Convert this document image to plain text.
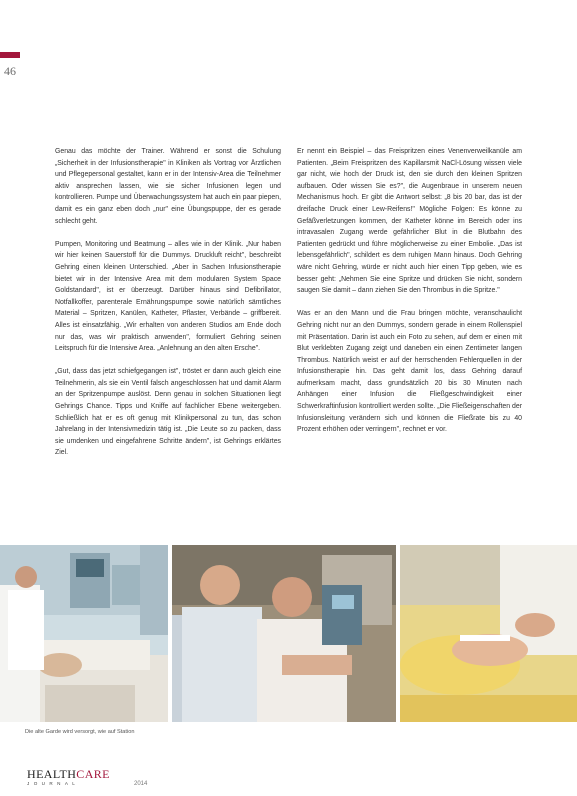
46

Genau das möchte der Trainer. Während er sonst die Schulung „Sicherheit in der Infusionstherapie" in Kliniken als Vortrag vor Ärztlichen und Pflegepersonal gestaltet, kann er in der Intensiv-Area die Teilnehmer aktiv ansprechen lassen, wie sie sicher Infusionen legen und kontrollieren. Pumpe und Überwachungssystem hat auch ein paar piepen, damit es ein ganz eben doch „nur" eine Übungspuppe, der es gerade schlecht geht.

Pumpen, Monitoring und Beatmung – alles wie in der Klinik. „Nur haben wir hier keinen Sauerstoff für die Dummys. Druckluft reicht", beschreibt Gehring einen kleinen Unterschied. „Aber in Sachen Infusionstherapie bietet wir in der Intensive Area mit dem modularen System Space Goldstandard", ist er überzeugt. Darüber hinaus sind Defibrillator, Notfallkoffer, parenterale Ernährungspumpe sowie natürlich sämtliches Material – Spritzen, Kanülen, Katheter, Pflaster, Verbände – griffbereit. Alles ist einsatzfähig. „Wir erhalten von anderen Studios am Ende doch nur das, was wir praktisch anwenden", formuliert Gehring seinen Leitspruch für die Intensive Area. „Anlehnung an den alten Ersche".

„Gut, dass das jetzt schiefgegangen ist", tröstet er dann auch gleich eine Teilnehmerin, als sie ein Ventil falsch angeschlossen hat und damit Alarm an der Spritzenpumpe auslöst. Denn genau in solchen Situationen liegt Gehrings Chance. Tipps und Kniffe auf fachlicher Ebene weitergeben. Schließlich hat er es oft genug mit Klinikpersonal zu tun, das schon Jahrelang in der Intensivmedizin tätig ist. „Die Leute so zu packen, dass sie umdenken und eingefahrene Schritte ändern", ist Gehrings erklärtes Ziel.

Er nennt ein Beispiel – das Freispritzen eines Venenverweilkanüle am Patienten. „Beim Freispritzen des Kapillarsmit NaCl-Lösung wissen viele gar nicht, wie hoch der Druck ist, den sie durch den kleinen Spritzen aufbauen. Oder wissen Sie es?", die Augenbraue in unserem neuen Mechanismus hoch. Er gibt die Antwort selbst: „8 bis 20 bar, das ist der dreifache Druck einer Lew-Reifens!" Mögliche Folgen: Es könne zu Gefäßverletzungen kommen, der Katheter könne im Bereich oder ins intravasalen Zugang werde gefährlicher Blut in die Blutbahn des Patienten gedrückt und führe möglicherweise zu einer Embolie. „Das ist lebensgefährlich", schildert es dem ruhigen Mann hinaus. Doch Gehring wäre nicht Gehring, würde er nicht auch hier einen Tipp geben, wie es besser geht: „Nehmen Sie eine Spritze und drücken Sie nicht, sondern saugen Sie damit – dann ziehen Sie den Thrombus in die Spritze."

Was er an den Mann und die Frau bringen möchte, veranschaulicht Gehring nicht nur an den Dummys, sondern gerade in einem Rollenspiel mit Präsentation. Darin ist auch ein Foto zu sehen, auf dem er einen mit Blut verklebten Zugang zeigt und daneben ein einen Zentimeter langen Thrombus. Natürlich weist er auf der herrschenden Fehlerquellen in der Infusionstherapie hin. Das geht damit los, dass Gehring darauf aufmerksam macht, dass grundsätzlich 20 bis 30 Minuten nach Anhängen einer Infusion die Fließgeschwindigkeit einer Schwerkraftinfusion kontrolliert werden sollte. „Die Fließeigenschaften der Infusionsleitung verändern sich und können die Fließrate bis zu 40 Prozent erhöhen oder verringern", rechnet er vor.

Die alte Garde wird versorgt, wie auf Station
HEALTHCARE
JOURNAL	2014
